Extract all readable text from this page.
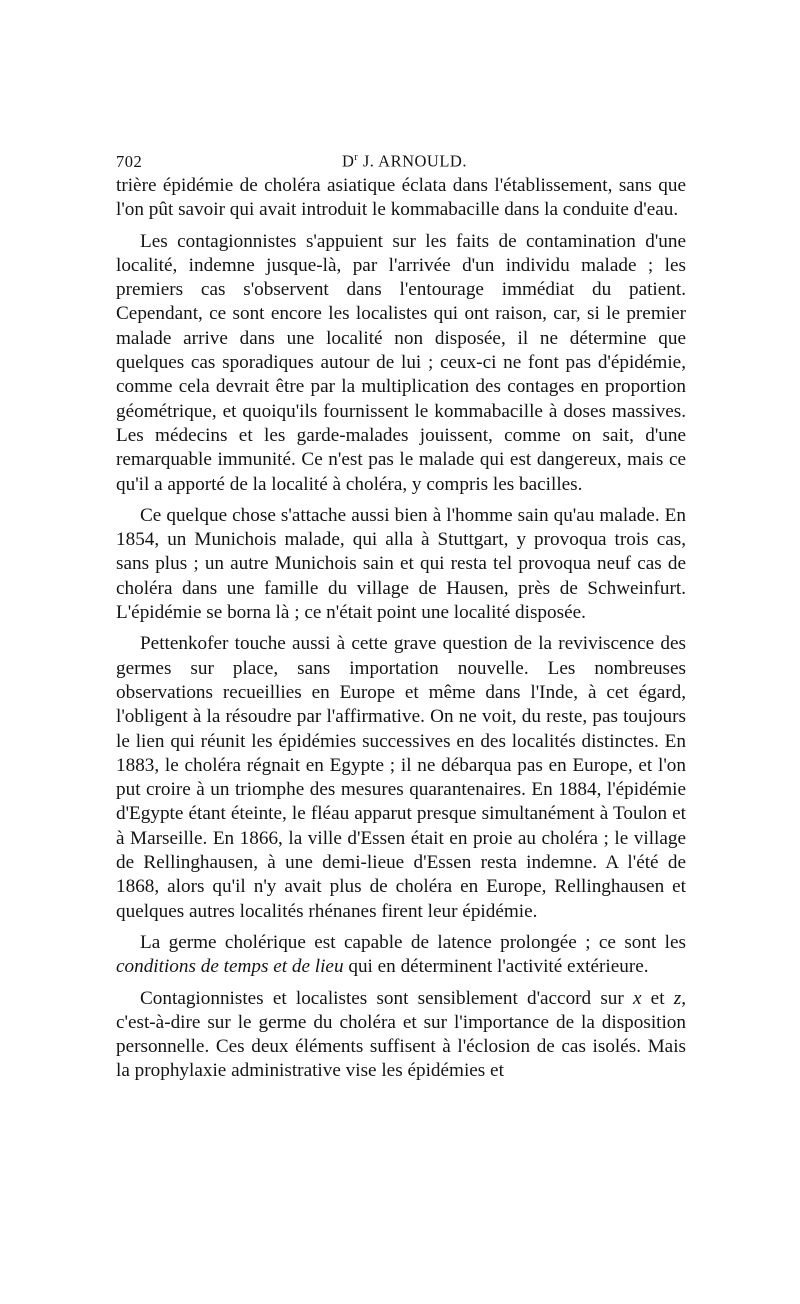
702	$D^r$ J. ARNOULD.

trière épidémie de choléra asiatique éclata dans l'établissement, sans que l'on pût savoir qui avait introduit le kommabacille dans la conduite d'eau.

Les contagionnistes s'appuient sur les faits de contamination d'une localité, indemne jusque-là, par l'arrivée d'un individu malade ; les premiers cas s'observent dans l'entourage immédiat du patient. Cependant, ce sont encore les localistes qui ont raison, car, si le premier malade arrive dans une localité non disposée, il ne détermine que quelques cas sporadiques autour de lui ; ceux-ci ne font pas d'épidémie, comme cela devrait être par la multiplication des contages en proportion géométrique, et quoiqu'ils fournissent le kommabacille à doses massives. Les médecins et les garde-malades jouissent, comme on sait, d'une remarquable immunité. Ce n'est pas le malade qui est dangereux, mais ce qu'il a apporté de la localité à choléra, y compris les bacilles.

Ce quelque chose s'attache aussi bien à l'homme sain qu'au malade. En 1854, un Munichois malade, qui alla à Stuttgart, y provoqua trois cas, sans plus ; un autre Munichois sain et qui resta tel provoqua neuf cas de choléra dans une famille du village de Hausen, près de Schweinfurt. L'épidémie se borna là ; ce n'était point une localité disposée.

Pettenkofer touche aussi à cette grave question de la reviviscence des germes sur place, sans importation nouvelle. Les nombreuses observations recueillies en Europe et même dans l'Inde, à cet égard, l'obligent à la résoudre par l'affirmative. On ne voit, du reste, pas toujours le lien qui réunit les épidémies successives en des localités distinctes. En 1883, le choléra régnait en Egypte ; il ne débarqua pas en Europe, et l'on put croire à un triomphe des mesures quarantenaires. En 1884, l'épidémie d'Egypte étant éteinte, le fléau apparut presque simultanément à Toulon et à Marseille. En 1866, la ville d'Essen était en proie au choléra ; le village de Rellinghausen, à une demi-lieue d'Essen resta indemne. A l'été de 1868, alors qu'il n'y avait plus de choléra en Europe, Rellinghausen et quelques autres localités rhénanes firent leur épidémie.

La germe cholérique est capable de latence prolongée ; ce sont les conditions de temps et de lieu qui en déterminent l'activité extérieure.

Contagionnistes et localistes sont sensiblement d'accord sur x et z, c'est-à-dire sur le germe du choléra et sur l'importance de la disposition personnelle. Ces deux éléments suffisent à l'éclosion de cas isolés. Mais la prophylaxie administrative vise les épidémies et
